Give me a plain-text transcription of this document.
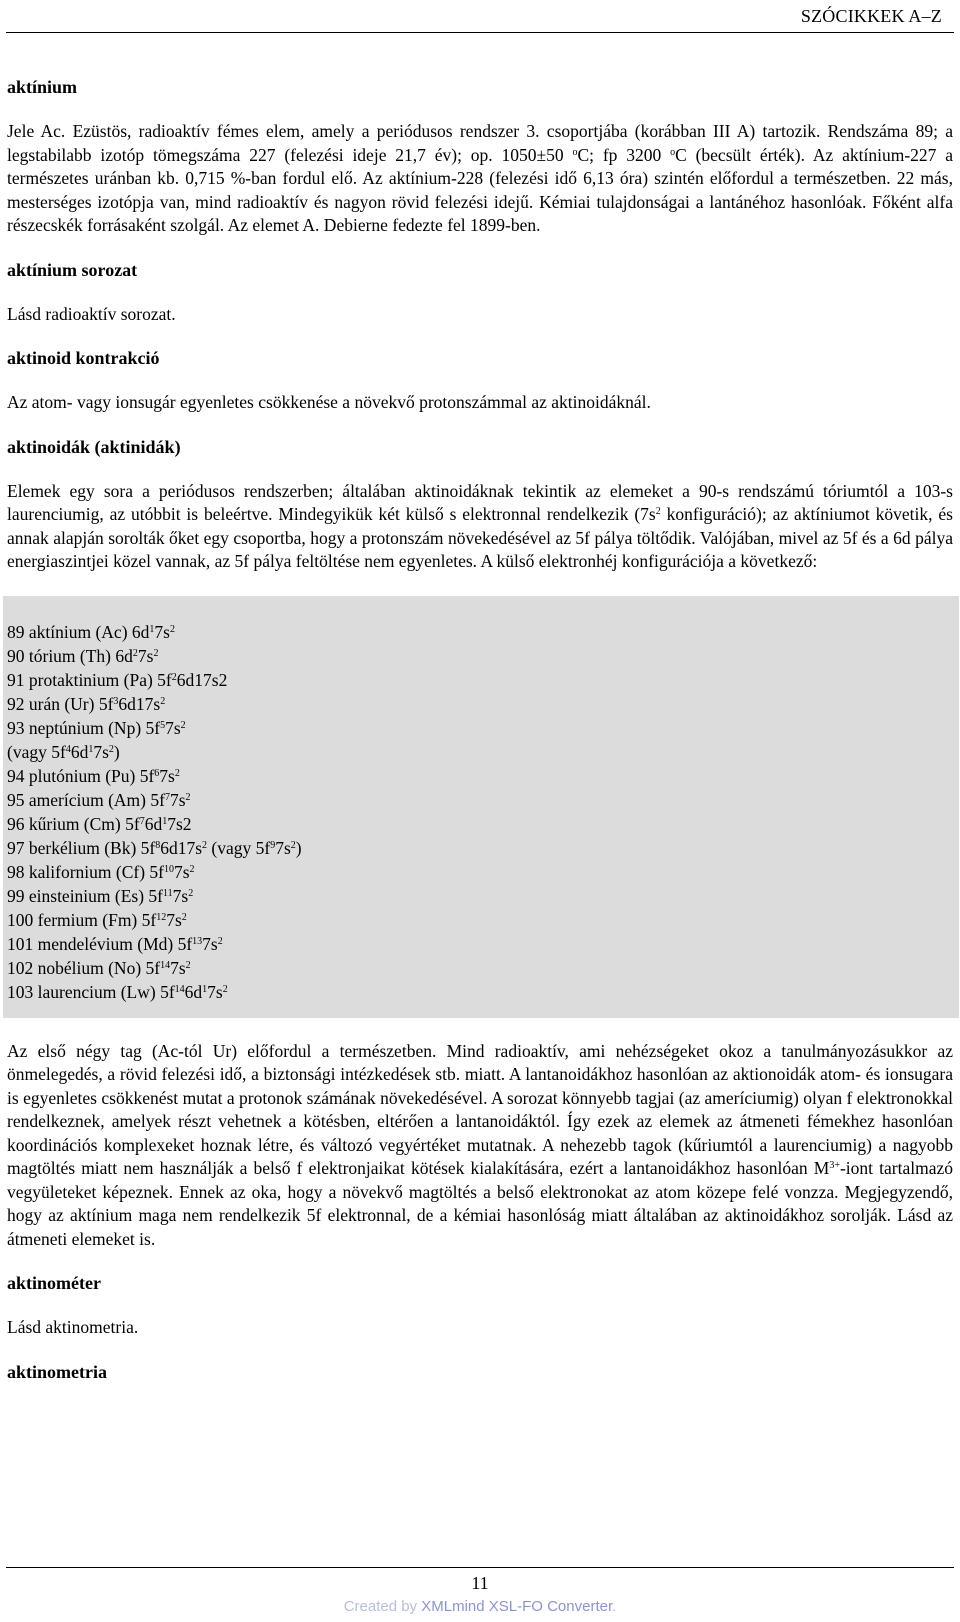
SZÓCIKKEK A–Z

aktínium

Jele Ac. Ezüstös, radioaktív fémes elem, amely a periódusos rendszer 3. csoportjába (korábban III A) tartozik. Rendszáma 89; a legstabilabb izotóp tömegszáma 227 (felezési ideje 21,7 év); op. 1050±50 $^o$C; fp 3200 $^o$C (becsült érték). Az aktínium-227 a természetes uránban kb. 0,715 %-ban fordul elő. Az aktínium-228 (felezési idő 6,13 óra) szintén előfordul a természetben. 22 más, mesterséges izotópja van, mind radioaktív és nagyon rövid felezési idejű. Kémiai tulajdonságai a lantánéhoz hasonlóak. Főként alfa részecskék forrásaként szolgál. Az elemet A. Debierne fedezte fel 1899-ben.

aktínium sorozat

Lásd radioaktív sorozat.

aktinoid kontrakció

Az atom- vagy ionsugár egyenletes csökkenése a növekvő protonszámmal az aktinoidáknál.

aktinoidák (aktinidák)

Elemek egy sora a periódusos rendszerben; általában aktinoidáknak tekintik az elemeket a 90-s rendszámú tóriumtól a 103-s laurenciumig, az utóbbit is beleértve. Mindegyikük két külső s elektronnal rendelkezik ($7s^2$ konfiguráció); az aktíniumot követik, és annak alapján sorolták őket egy csoportba, hogy a protonszám növekedésével az 5f pálya töltődik. Valójában, mivel az 5f és a 6d pálya energiaszintjei közel vannak, az 5f pálya feltöltése nem egyenletes. A külső elektronhéj konfigurációja a következő:

89 aktínium (Ac) $6d^17s^2$
90 tórium (Th) $6d^27s^2$
91 protaktinium (Pa) $5f^26d17s2$
92 urán (Ur) $5f^36d17s^2$
93 neptúnium (Np) $5f^57s^2$
(vagy $5f^46d^17s^2$)
94 plutónium (Pu) $5f^67s^2$
95 amerícium (Am) $5f^77s^2$
96 kűrium (Cm) $5f^76d^17s2$
97 berkélium (Bk) $5f^86d17s^2$ (vagy $5f^97s^2$)
98 kalifornium (Cf) $5f^{10}7s^2$
99 einsteinium (Es) $5f^{11}7s^2$
100 fermium (Fm) $5f^{12}7s^2$
101 mendelévium (Md) $5f^{13}7s^2$
102 nobélium (No) $5f^{14}7s^2$
103 laurencium (Lw) $5f^{14}6d^17s^2$

Az első négy tag (Ac-tól Ur) előfordul a természetben. Mind radioaktív, ami nehézségeket okoz a tanulmányozásukkor az önmelegedés, a rövid felezési idő, a biztonsági intézkedések stb. miatt. A lantanoidákhoz hasonlóan az aktionoidák atom- és ionsugara is egyenletes csökkenést mutat a protonok számának növekedésével. A sorozat könnyebb tagjai (az ameríciumig) olyan f elektronokkal rendelkeznek, amelyek részt vehetnek a kötésben, eltérően a lantanoidáktól. Így ezek az elemek az átmeneti fémekhez hasonlóan koordinációs komplexeket hoznak létre, és változó vegyértéket mutatnak. A nehezebb tagok (kűriumtól a laurenciumig) a nagyobb magtöltés miatt nem használják a belső f elektronjaikat kötések kialakítására, ezért a lantanoidákhoz hasonlóan $M^{3+}$-iont tartalmazó vegyületeket képeznek. Ennek az oka, hogy a növekvő magtöltés a belső elektronokat az atom közepe felé vonzza. Megjegyzendő, hogy az aktínium maga nem rendelkezik 5f elektronnal, de a kémiai hasonlóság miatt általában az aktinoidákhoz sorolják. Lásd az átmeneti elemeket is.

aktinométer

Lásd aktinometria.

aktinometria

11
Created by XMLmind XSL-FO Converter.
